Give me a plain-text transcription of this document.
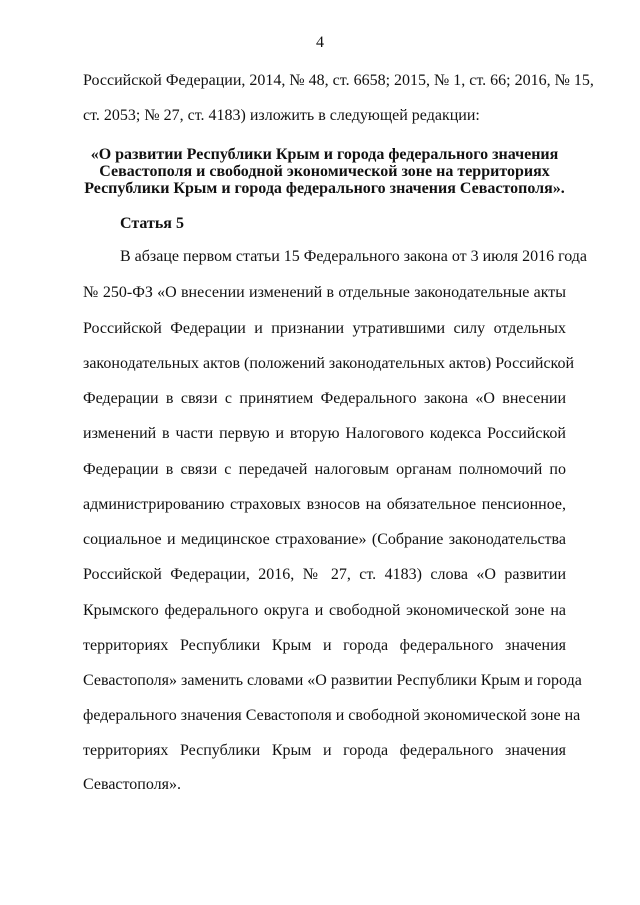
4
Российской Федерации, 2014, № 48, ст. 6658; 2015, № 1, ст. 66; 2016, № 15,
ст. 2053; № 27, ст. 4183) изложить в следующей редакции:
«О развитии Республики Крым и города федерального значения
Севастополя и свободной экономической зоне на территориях
Республики Крым и города федерального значения Севастополя».
Статья 5
В абзаце первом статьи 15 Федерального закона от 3 июля 2016 года
№ 250-ФЗ «О внесении изменений в отдельные законодательные акты
Российской Федерации и признании утратившими силу отдельных
законодательных актов (положений законодательных актов) Российской
Федерации в связи с принятием Федерального закона «О внесении
изменений в части первую и вторую Налогового кодекса Российской
Федерации в связи с передачей налоговым органам полномочий по
администрированию страховых взносов на обязательное пенсионное,
социальное и медицинское страхование» (Собрание законодательства
Российской Федерации, 2016, № 27, ст. 4183) слова «О развитии
Крымского федерального округа и свободной экономической зоне на
территориях Республики Крым и города федерального значения
Севастополя» заменить словами «О развитии Республики Крым и города
федерального значения Севастополя и свободной экономической зоне на
территориях Республики Крым и города федерального значения
Севастополя».
